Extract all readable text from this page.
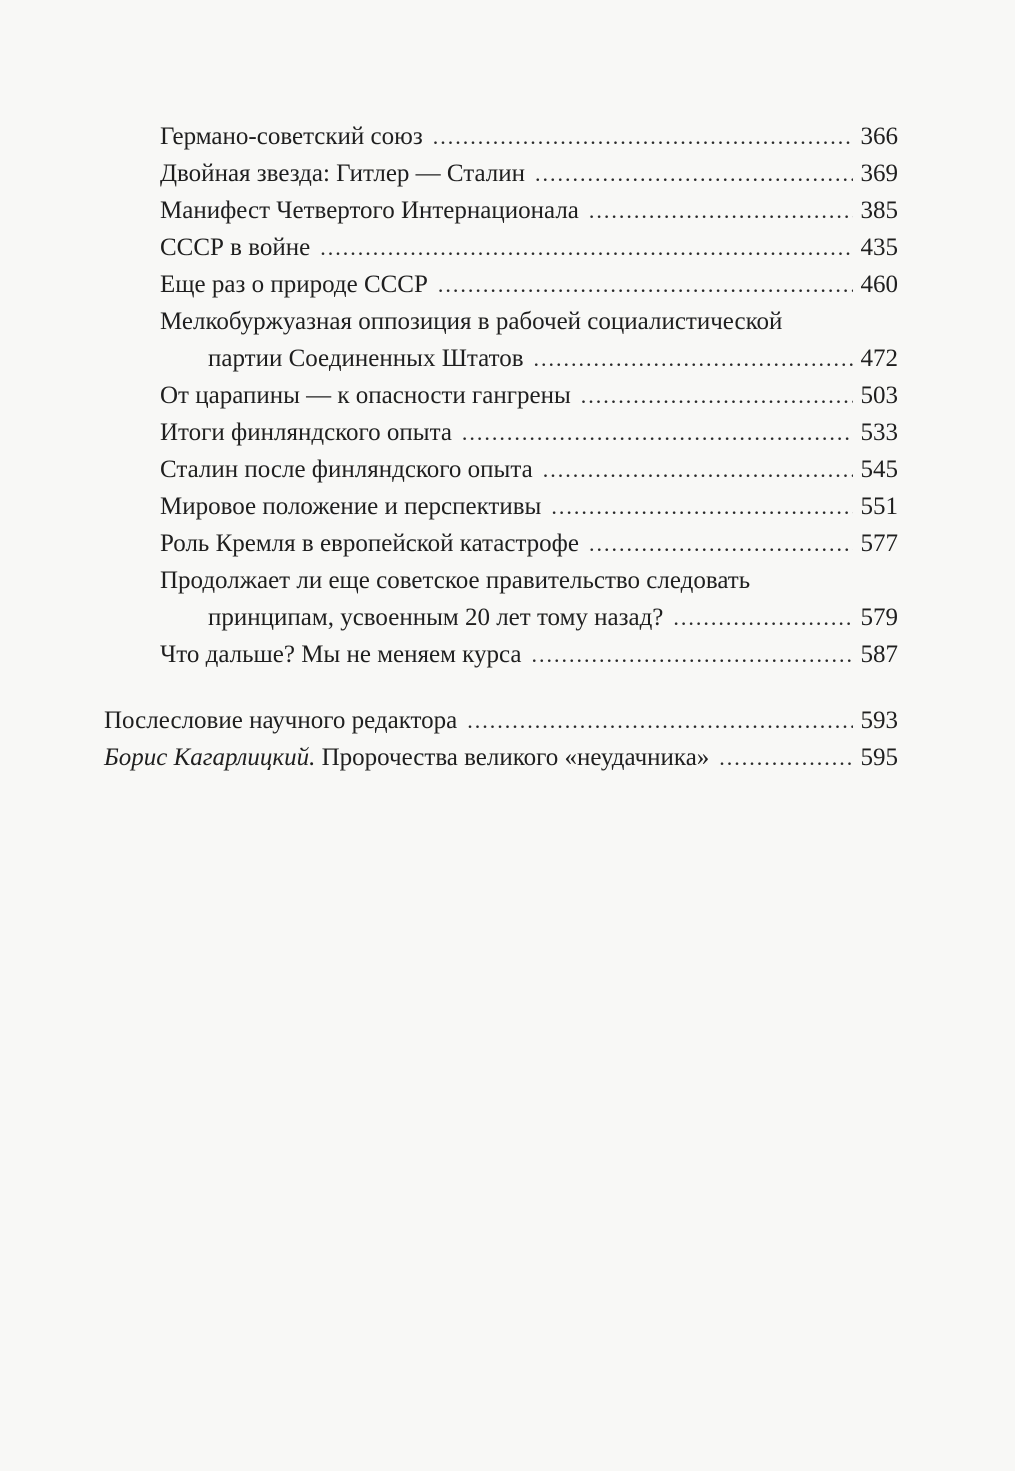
Германо-советский союз .....	366
Двойная звезда: Гитлер — Сталин .....	369
Манифест Четвертого Интернационала .....	385
СССР в войне .....	435
Еще раз о природе СССР .....	460
Мелкобуржуазная оппозиция в рабочей социалистической
партии Соединенных Штатов .....	472
От царапины — к опасности гангрены .....	503
Итоги финляндского опыта .....	533
Сталин после финляндского опыта .....	545
Мировое положение и перспективы .....	551
Роль Кремля в европейской катастрофе .....	577
Продолжает ли еще советское правительство следовать
принципам, усвоенным 20 лет тому назад? .....	579
Что дальше? Мы не меняем курса .....	587
Послесловие научного редактора .....	593
Борис Кагарлицкий. Пророчества великого «неудачника» .....	595
